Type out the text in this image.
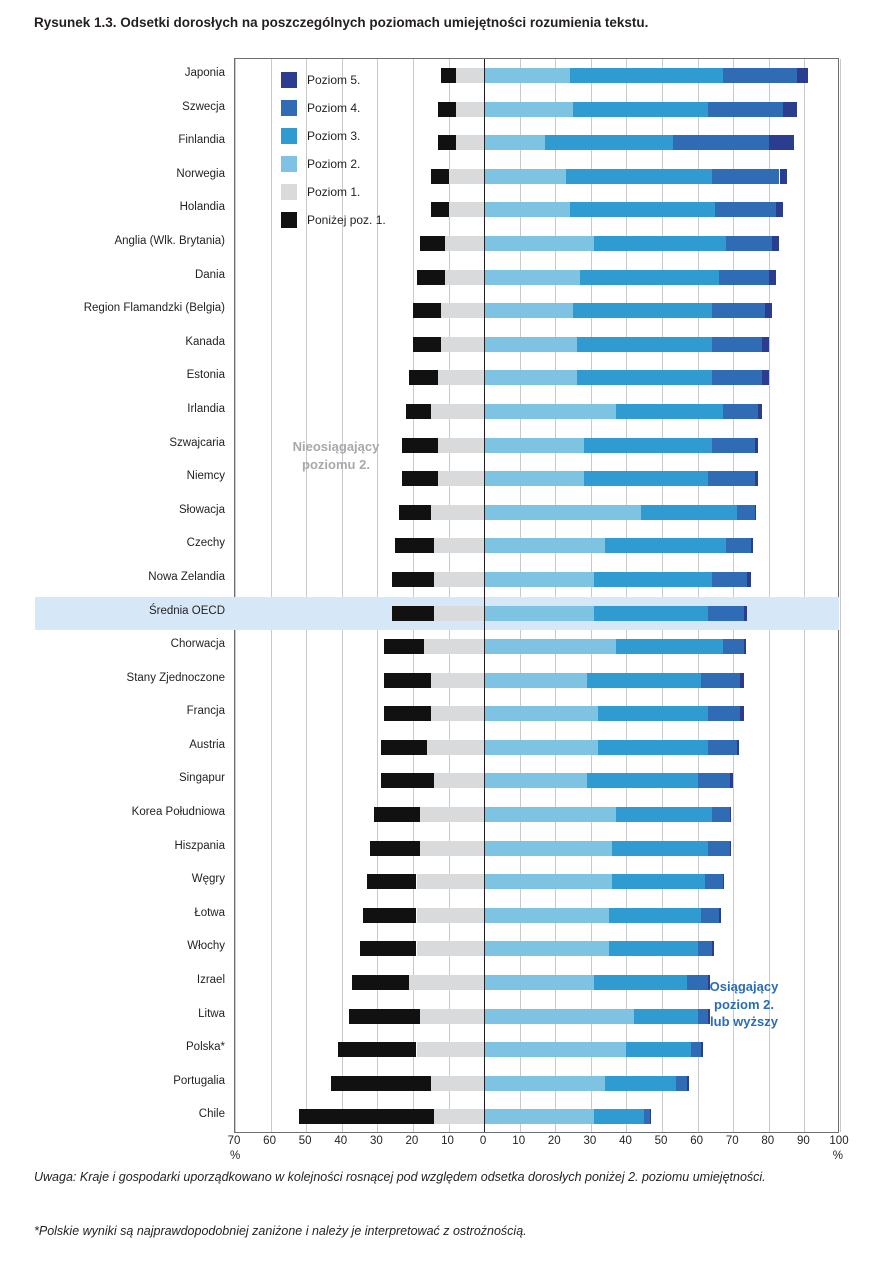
Rysunek 1.3. Odsetki dorosłych na poszczególnych poziomach umiejętności rozumienia tekstu.
Japonia
Szwecja
Finlandia
Norwegia
Holandia
Anglia (Wlk. Brytania)
Dania
Region Flamandzki (Belgia)
Kanada
Estonia
Irlandia
Szwajcaria
Niemcy
Słowacja
Czechy
Nowa Zelandia
Średnia OECD
Chorwacja
Stany Zjednoczone
Francja
Austria
Singapur
Korea Południowa
Hiszpania
Węgry
Łotwa
Włochy
Izrael
Litwa
Polska*
Portugalia
Chile
Poziom 5.
Poziom 4.
Poziom 3.
Poziom 2.
Poziom 1.
Poniżej poz. 1.
Nieosiągający
poziomu 2.
Osiągający
poziom 2.
lub wyższy
%	%
70	60	50	40	30	20	10	0	10	20	30	40	50	60	70	80	90	100
Uwaga: Kraje i gospodarki uporządkowano w kolejności rosnącej pod względem odsetka dorosłych poniżej 2. poziomu umiejętności.
*Polskie wyniki są najprawdopodobniej zaniżone i należy je interpretować z ostrożnością.
